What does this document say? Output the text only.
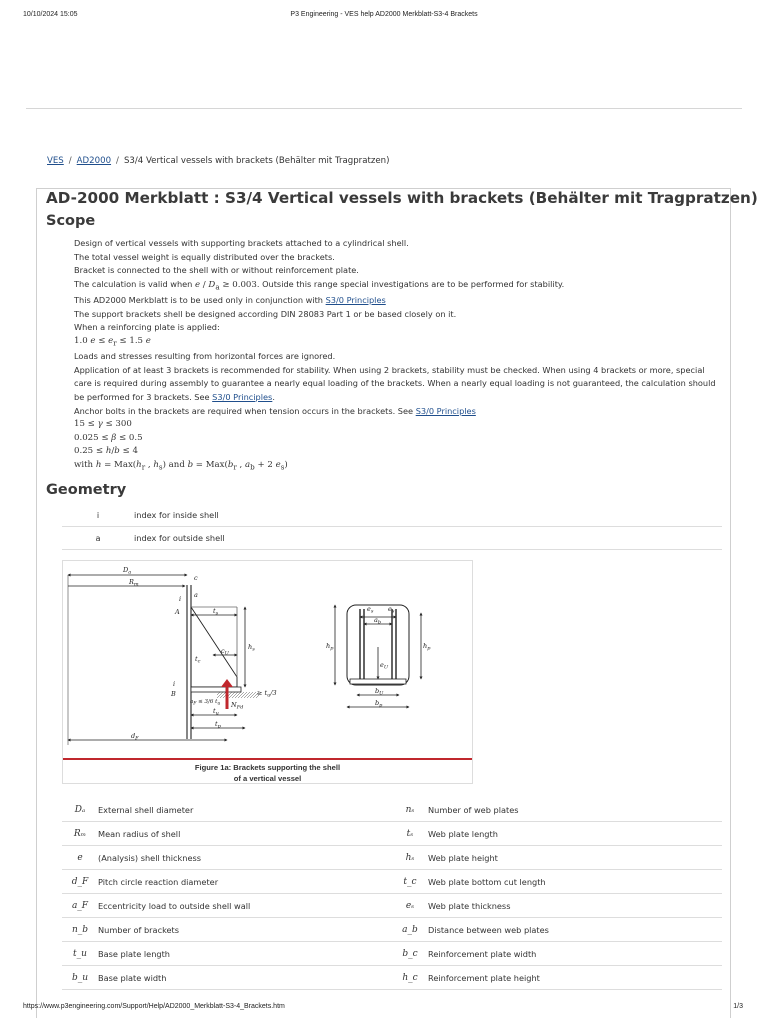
10/10/2024 15:05	P3 Engineering - VES help AD2000 Merkblatt-S3-4 Brackets
VES / AD2000 / S3/4 Vertical vessels with brackets (Behälter mit Tragpratzen)
AD-2000 Merkblatt : S3/4 Vertical vessels with brackets (Behälter mit Tragpratzen)
Scope
Design of vertical vessels with supporting brackets attached to a cylindrical shell.
The total vessel weight is equally distributed over the brackets.
Bracket is connected to the shell with or without reinforcement plate.
The calculation is valid when $e / D_a \ge 0.003$. Outside this range special investigations are to be performed for stability.
This AD2000 Merkblatt is to be used only in conjunction with S3/0 Principles
The support brackets shell be designed according DIN 28083 Part 1 or be based closely on it.
When a reinforcing plate is applied:
1.0 $e \le e_r \le 1.5$ e
Loads and stresses resulting from horizontal forces are ignored.
Application of at least 3 brackets is recommended for stability. When using 2 brackets, stability must be checked. When using 4 brackets or more, special care is required during assembly to guarantee a nearly equal loading of the brackets. When a nearly equal loading is not guaranteed, the calculation should be performed for 3 brackets. See S3/0 Principles.
Anchor bolts in the brackets are required when tension occurs in the brackets. See S3/0 Principles
15 ≤ γ ≤ 300
0.025 ≤ β ≤ 0.5
0.25 ≤ h/b ≤ 4
with $h = Max(h_r$ , $h_s$) and $b = Max(b_r$ , $a_b + 2$ $e_s$)
Geometry
i	index for inside shell
a	index for outside shell
$D_a$
$R_m$
c
a
i
A
i
B
$t_s$
$c_U$
$t_c$
$h_s$
≥ $t_u/3$
$N_{Fd}$
$a_F \le 3/6$ $t_u$
$t_u$
$t_p$
$d_F$
$e_s$ $e_s$
$a_b$
$e_U$
$h_p$	$h_p$
$b_U$
$b_p$
Figure 1a: Brackets supporting the shell
of a vertical vessel
Dₐ	External shell diameter	nₛ	Number of web plates
Rₘ	Mean radius of shell	tₛ	Web plate length
e	(Analysis) shell thickness	hₛ	Web plate height
d_F	Pitch circle reaction diameter	t_c	Web plate bottom cut length
a_F	Eccentricity load to outside shell wall	eₛ	Web plate thickness
n_b	Number of brackets	a_b	Distance between web plates
t_u	Base plate length	b_c	Reinforcement plate width
b_u	Base plate width	h_c	Reinforcement plate height
https://www.p3engineering.com/Support/Help/AD2000_Merkblatt-S3-4_Brackets.htm	1/3
